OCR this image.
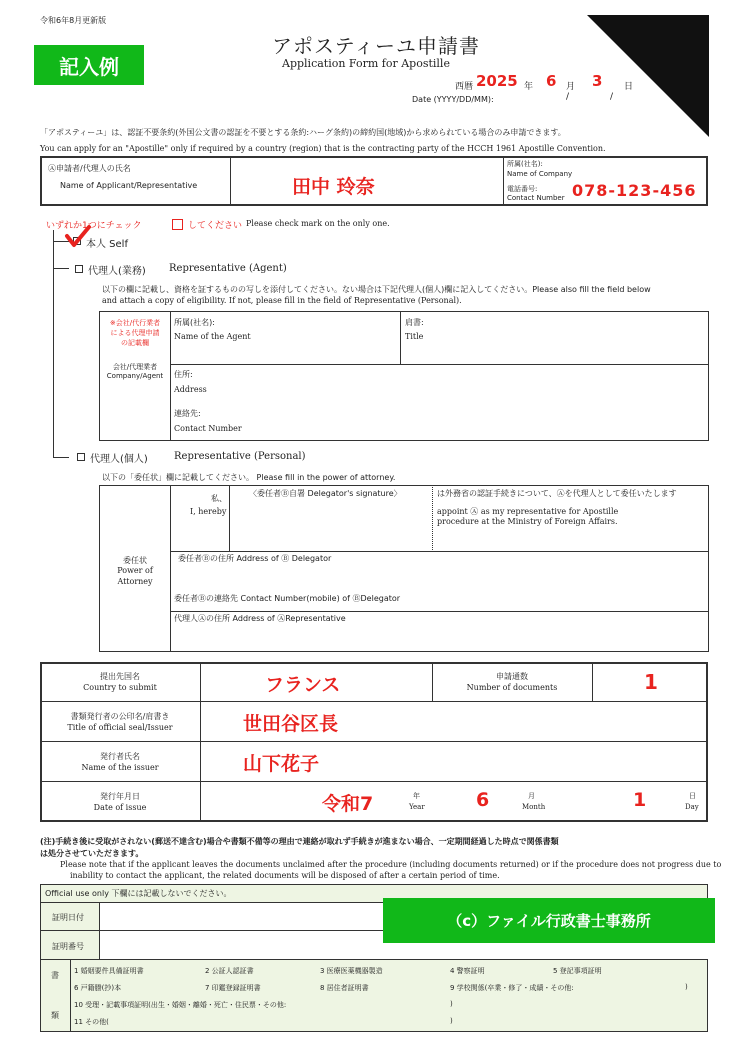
令和6年8月更新版
記入例
アポスティーユ申請書
Application Form for Apostille
西暦 2025 年 6 月 3 日
Date (YYYY/DD/MM):	/	/
「アポスティーユ」は、認証不要条約(外国公文書の認証を不要とする条約:ハーグ条約)の締約国(地域)から求められている場合のみ申請できます。
You can apply for an "Apostille" only if required by a country (region) that is the contracting party of the HCCH 1961 Apostille Convention.
Ⓐ申請者/代理人の氏名
Name of Applicant/Representative	田中 玲奈
所属(社名):
Name of Company
電話番号:
Contact Number 078-123-456
いずれか1つにチェック	してください Please check mark on the only one.
本人 Self
代理人(業務) Representative (Agent)
以下の欄に記載し、資格を証するものの写しを添付してください。ない場合は下記代理人(個人)欄に記入してください。Please also fill the field below
and attach a copy of eligibility. If not, please fill in the field of Representative (Personal).
※会社/代行業者
による代理申請
の記載欄
会社/代理業者
Company/Agent
所属(社名):
Name of the Agent
肩書:
Title
住所:
Address
連絡先:
Contact Number
代理人(個人)	Representative (Personal)
以下の「委任状」欄に記載してください。 Please fill in the power of attorney.
委任状
Power of
Attorney
私、
I, hereby
〈委任者Ⓑ自署 Delegator's signature〉	は外務省の認証手続きについて、Ⓐを代理人として委任いたします
appoint Ⓐ as my representative for Apostille
procedure at the Ministry of Foreign Affairs.
委任者Ⓑの住所 Address of Ⓑ Delegator
委任者Ⓑの連絡先 Contact Number(mobile) of ⒷDelegator
代理人Ⓐの住所 Address of ⒶRepresentative
提出先国名
Country to submit	フランス	申請通数
Number of documents	1
書類発行者の公印名/肩書き
Title of official seal/Issuer	世田谷区長
発行者氏名
Name of the issuer	山下花子
発行年月日
Date of issue	令和7	年
Year	6	月
Month	1	日
Day
(注)手続き後に受取がされない(郵送不達含む)場合や書類不備等の理由で連絡が取れず手続きが進まない場合、一定期間経過した時点で関係書類
は処分させていただきます。
Please note that if the applicant leaves the documents unclaimed after the procedure (including documents returned) or if the procedure does not progress due to
inability to contact the applicant, the related documents will be disposed of after a certain period of time.
Official use only 下欄には記載しないでください。
証明日付
証明番号
（c）ファイル行政書士事務所
書
類
1 婚姻要件具備証明書	2 公証人認証書	3 医療医薬機器製造	4 警察証明	5 登記事項証明
6 戸籍謄(抄)本	7 印鑑登録証明書	8 居住者証明書	9 学校関係(卒業・修了・成績・その他:	)
10 受理・記載事項証明(出生・婚姻・離婚・死亡・住民票・その他:	)
11 その他(	)
